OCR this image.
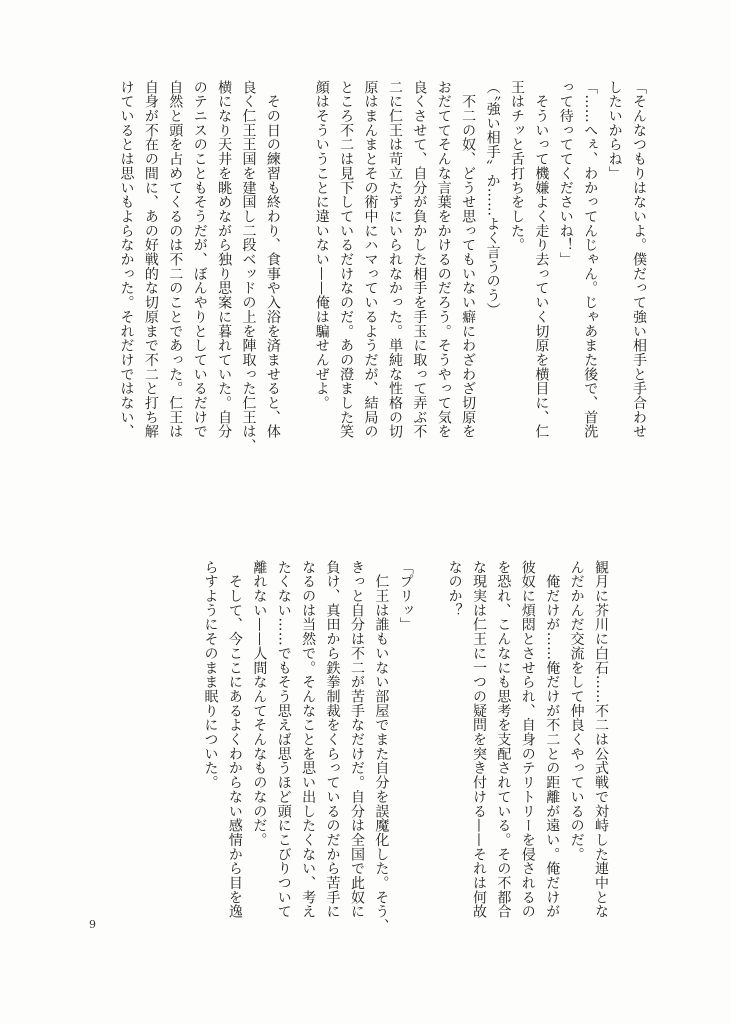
「そんなつもりはないよ。僕だって強い相手と手合わせ
したいからね」
「……へぇ、わかってんじゃん。じゃあまた後で、首洗
って待っててくださいね！」
　そういって機嫌よく走り去っていく切原を横目に、仁
王はチッと舌打ちをした。
（〝強い相手〟か……よく言うのう）
　不二の奴、どうせ思ってもいない癖にわざわざ切原を
おだててそんな言葉をかけるのだろう。そうやって気を
良くさせて、自分が負かした相手を手玉に取って弄ぶ不
二に仁王は苛立たずにいられなかった。単純な性格の切
原はまんまとその術中にハマっているようだが、結局の
ところ不二は見下しているだけなのだ。あの澄ました笑
顔はそういうことに違いない——俺は騙せんぜよ。

　その日の練習も終わり、食事や入浴を済ませると、体
良く仁王王国を建国し二段ベッドの上を陣取った仁王は、
横になり天井を眺めながら独り思案に暮れていた。自分
のテニスのこともそうだが、ぼんやりとしているだけで
自然と頭を占めてくるのは不二のことであった。仁王は
自身が不在の間に、あの好戦的な切原まで不二と打ち解
けているとは思いもよらなかった。それだけではない、
観月に芥川に白石……不二は公式戦で対峙した連中とな
んだかんだ交流をして仲良くやっているのだ。
　俺だけが……俺だけが不二との距離が遠い。俺だけが
彼奴に煩悶とさせられ、自身のテリトリーを侵されるの
を恐れ、こんなにも思考を支配されている。その不都合
な現実は仁王に一つの疑問を突き付ける——それは何故
なのか？

「プリッ」
　仁王は誰もいない部屋でまた自分を誤魔化した。そう、
きっと自分は不二が苦手なだけだ。自分は全国で此奴に
負け、真田から鉄拳制裁をくらっているのだから苦手に
なるのは当然で。そんなことを思い出したくない、考え
たくない……でもそう思えば思うほど頭にこびりついて
離れない——人間なんてそんなものなのだ。
　そして、今ここにあるよくわからない感情から目を逸
らすようにそのまま眠りについた。
9
